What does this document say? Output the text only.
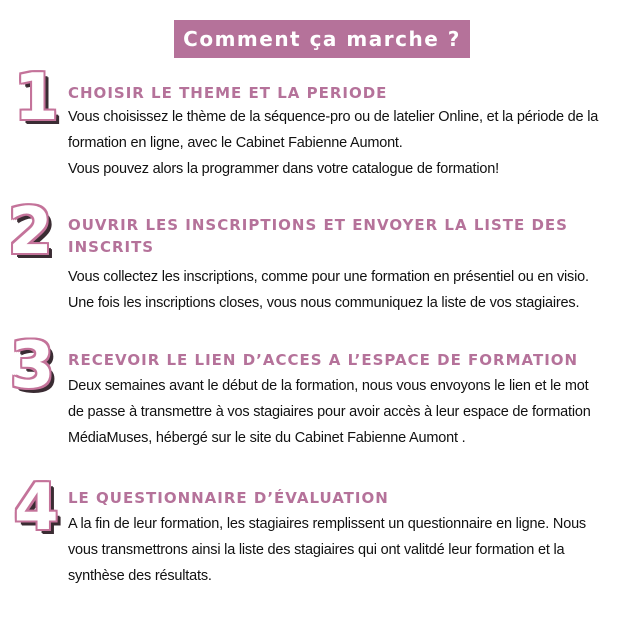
Comment ça marche ?
1 CHOISIR LE THEME ET LA PERIODE
Vous choisissez le thème de la séquence-pro ou de latelier Online, et la période de la
formation en ligne, avec le Cabinet Fabienne Aumont.
Vous pouvez alors la programmer dans votre catalogue de formation!
2 OUVRIR LES INSCRIPTIONS ET ENVOYER LA LISTE DES
INSCRITS
Vous collectez les inscriptions, comme pour une formation en présentiel ou en visio.
Une fois les inscriptions closes, vous nous communiquez la liste de vos stagiaires.
3 RECEVOIR LE LIEN D’ACCES A L’ESPACE DE FORMATION
Deux semaines avant le début de la formation, nous vous envoyons le lien et le mot
de passe à transmettre à vos stagiaires pour avoir accès à leur espace de formation
MédiaMuses, hébergé sur le site du Cabinet Fabienne Aumont .
4 LE QUESTIONNAIRE D’ÉVALUATION
A la fin de leur formation, les stagiaires remplissent un questionnaire en ligne. Nous
vous transmettrons ainsi la liste des stagiaires qui ont valitdé leur formation et la
synthèse des résultats.
